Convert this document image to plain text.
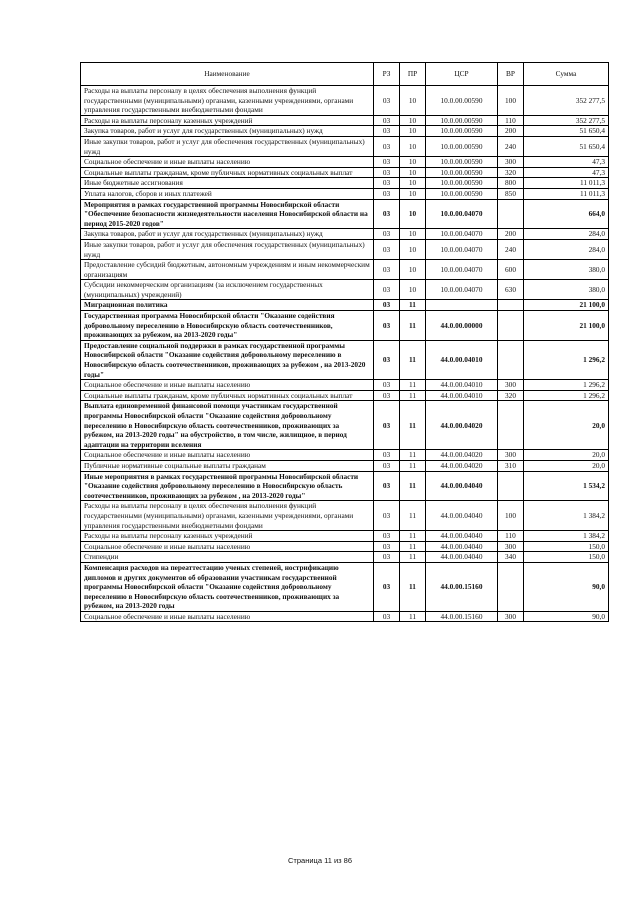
Наименование	РЗ	ПР	ЦСР	ВР	Сумма
Расходы на выплаты персоналу в целях обеспечения выполнения функций государственными (муниципальными) органами, казенными учреждениями, органами управления государственными внебюджетными фондами	03	10	10.0.00.00590	100	352 277,5
Расходы на выплаты персоналу казенных учреждений	03	10	10.0.00.00590	110	352 277,5
Закупка товаров, работ и услуг для государственных (муниципальных) нужд	03	10	10.0.00.00590	200	51 650,4
Иные закупки товаров, работ и услуг для обеспечения государственных (муниципальных) нужд	03	10	10.0.00.00590	240	51 650,4
Социальное обеспечение и иные выплаты населению	03	10	10.0.00.00590	300	47,3
Социальные выплаты гражданам, кроме публичных нормативных социальных выплат	03	10	10.0.00.00590	320	47,3
Иные бюджетные ассигнования	03	10	10.0.00.00590	800	11 011,3
Уплата налогов, сборов и иных платежей	03	10	10.0.00.00590	850	11 011,3
Мероприятия в рамках государственной программы Новосибирской области "Обеспечение безопасности жизнедеятельности населения Новосибирской области на период 2015-2020 годов"	03	10	10.0.00.04070		664,0
Закупка товаров, работ и услуг для государственных (муниципальных) нужд	03	10	10.0.00.04070	200	284,0
Иные закупки товаров, работ и услуг для обеспечения государственных (муниципальных) нужд	03	10	10.0.00.04070	240	284,0
Предоставление субсидий бюджетным, автономным учреждениям и иным некоммерческим организациям	03	10	10.0.00.04070	600	380,0
Субсидии некоммерческим организациям (за исключением государственных (муниципальных) учреждений)	03	10	10.0.00.04070	630	380,0
Миграционная политика	03	11			21 100,0
Государственная программа Новосибирской области "Оказание содействия добровольному переселению в Новосибирскую область соотечественников, проживающих за рубежом, на 2013-2020 годы"	03	11	44.0.00.00000		21 100,0
Предоставление социальной поддержки в рамках государственной программы Новосибирской области "Оказание содействия добровольному переселению в Новосибирскую область соотечественников, проживающих за рубежом , на 2013-2020 годы"	03	11	44.0.00.04010		1 296,2
Социальное обеспечение и иные выплаты населению	03	11	44.0.00.04010	300	1 296,2
Социальные выплаты гражданам, кроме публичных нормативных социальных выплат	03	11	44.0.00.04010	320	1 296,2
Выплата единовременной финансовой помощи участникам государственной программы Новосибирской области "Оказание содействия добровольному переселению в Новосибирскую область соотечественников, проживающих за рубежом, на 2013-2020 годы" на обустройство, в том числе, жилищное, в период адаптации на территории вселения	03	11	44.0.00.04020		20,0
Социальное обеспечение и иные выплаты населению	03	11	44.0.00.04020	300	20,0
Публичные нормативные социальные выплаты гражданам	03	11	44.0.00.04020	310	20,0
Иные мероприятия в рамках государственной программы Новосибирской области "Оказание содействия добровольному переселению в Новосибирскую область соотечественников, проживающих за рубежом , на 2013-2020 годы"	03	11	44.0.00.04040		1 534,2
Расходы на выплаты персоналу в целях обеспечения выполнения функций государственными (муниципальными) органами, казенными учреждениями, органами управления государственными внебюджетными фондами	03	11	44.0.00.04040	100	1 384,2
Расходы на выплаты персоналу казенных учреждений	03	11	44.0.00.04040	110	1 384,2
Социальное обеспечение и иные выплаты населению	03	11	44.0.00.04040	300	150,0
Стипендии	03	11	44.0.00.04040	340	150,0
Компенсация расходов на переаттестацию ученых степеней, нострификацию дипломов и других документов об образовании участникам государственной программы Новосибирской области "Оказание содействия добровольному переселению в Новосибирскую область соотечественников, проживающих за рубежом, на 2013-2020 годы	03	11	44.0.00.15160		90,0
Социальное обеспечение и иные выплаты населению	03	11	44.0.00.15160	300	90,0
Страница 11 из 86
